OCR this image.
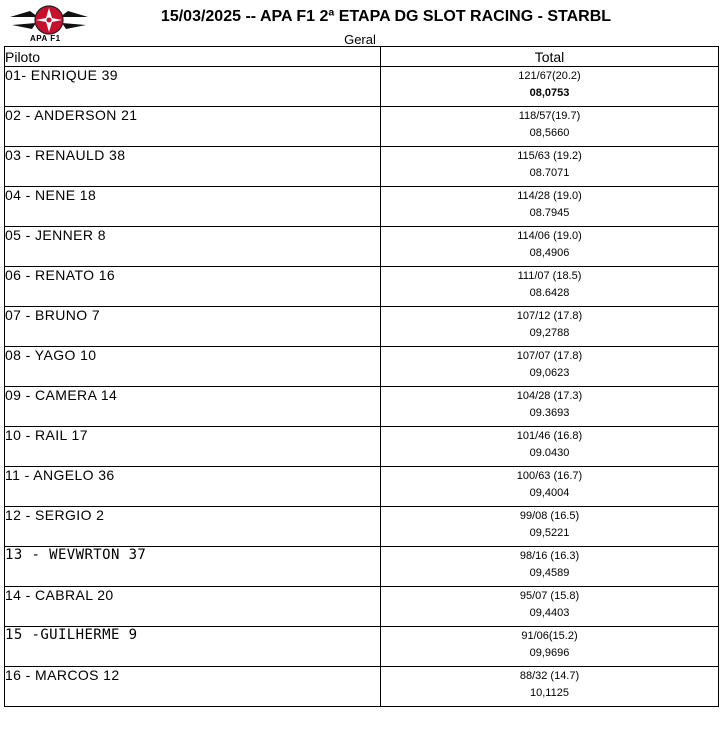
APA F1
15/03/2025 -- APA F1 2ª ETAPA DG SLOT RACING - STARBL
Geral
Piloto	Total
01- ENRIQUE 39	121/67(20.2)
08,0753

02 - ANDERSON 21	118/57(19.7)
08,5660

03 - RENAULD 38	115/63 (19.2)
08.7071

04 - NENE 18	114/28 (19.0)
08.7945

05 - JENNER 8	114/06 (19.0)
08,4906

06 - RENATO 16	111/07 (18.5)
08.6428

07 - BRUNO 7	107/12 (17.8)
09,2788

08 - YAGO 10	107/07 (17.8)
09,0623

09 - CAMERA 14	104/28 (17.3)
09.3693

10 - RAIL 17	101/46 (16.8)
09.0430

11 - ANGELO 36	100/63 (16.7)
09,4004

12 - SERGIO 2	99/08 (16.5)
09,5221

13 - WEVWRTON 37	98/16 (16.3)
09,4589

14 - CABRAL 20	95/07 (15.8)
09,4403

15 -GUILHERME 9	91/06(15.2)
09,9696

16 - MARCOS 12	88/32 (14.7)
10,1125
